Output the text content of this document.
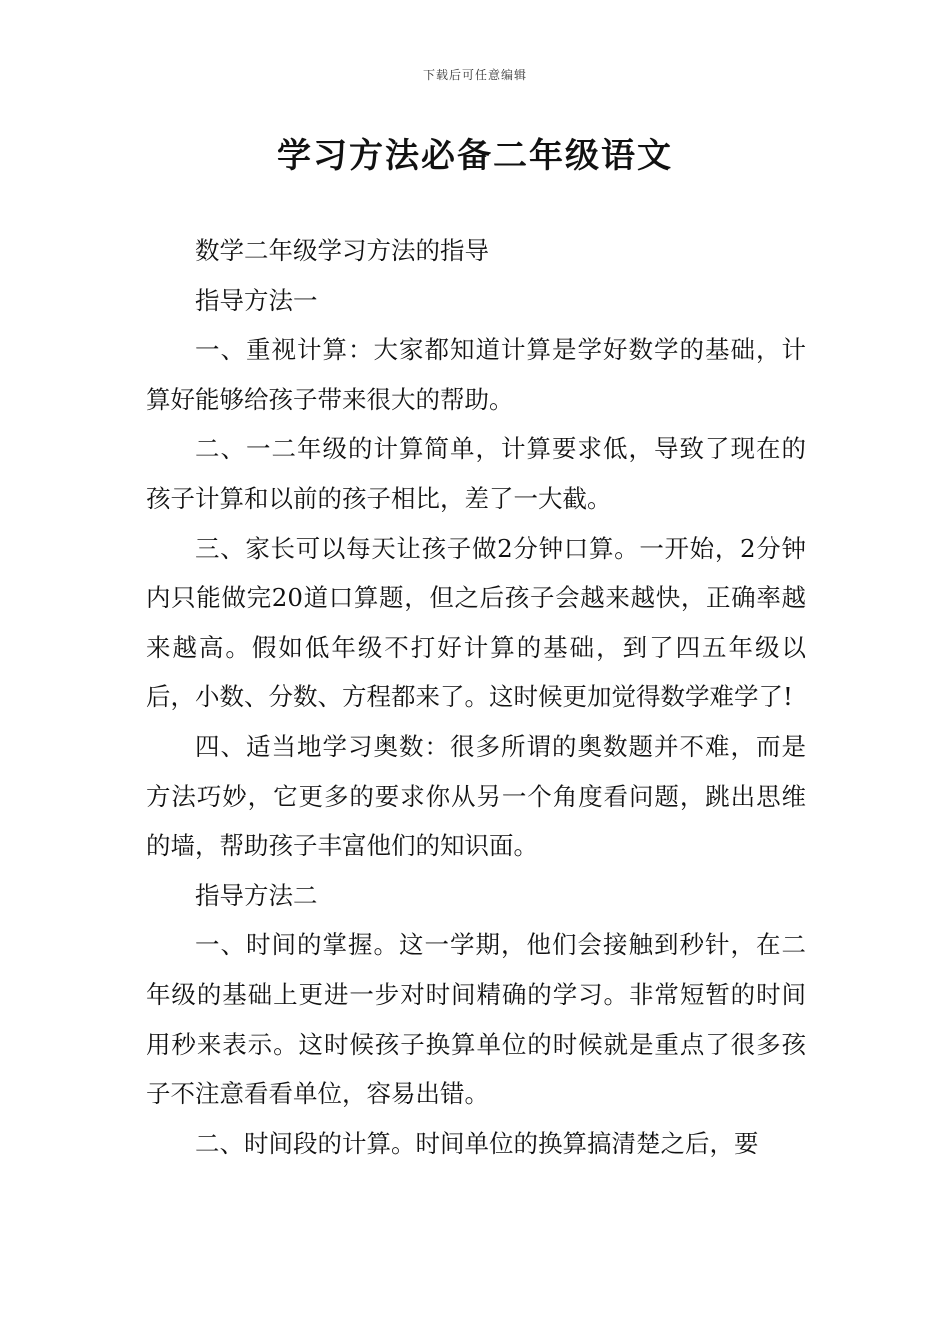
下载后可任意编辑
学习方法必备二年级语文

数学二年级学习方法的指导

指导方法一

一、重视计算：大家都知道计算是学好数学的基础，计算好能够给孩子带来很大的帮助。

二、一二年级的计算简单，计算要求低，导致了现在的孩子计算和以前的孩子相比，差了一大截。

三、家长可以每天让孩子做2分钟口算。一开始，2分钟内只能做完20道口算题，但之后孩子会越来越快，正确率越来越高。假如低年级不打好计算的基础，到了四五年级以后，小数、分数、方程都来了。这时候更加觉得数学难学了!

四、适当地学习奥数：很多所谓的奥数题并不难，而是方法巧妙，它更多的要求你从另一个角度看问题，跳出思维的墙，帮助孩子丰富他们的知识面。

指导方法二

一、时间的掌握。这一学期，他们会接触到秒针，在二年级的基础上更进一步对时间精确的学习。非常短暂的时间用秒来表示。这时候孩子换算单位的时候就是重点了很多孩子不注意看看单位，容易出错。

二、时间段的计算。时间单位的换算搞清楚之后，要
